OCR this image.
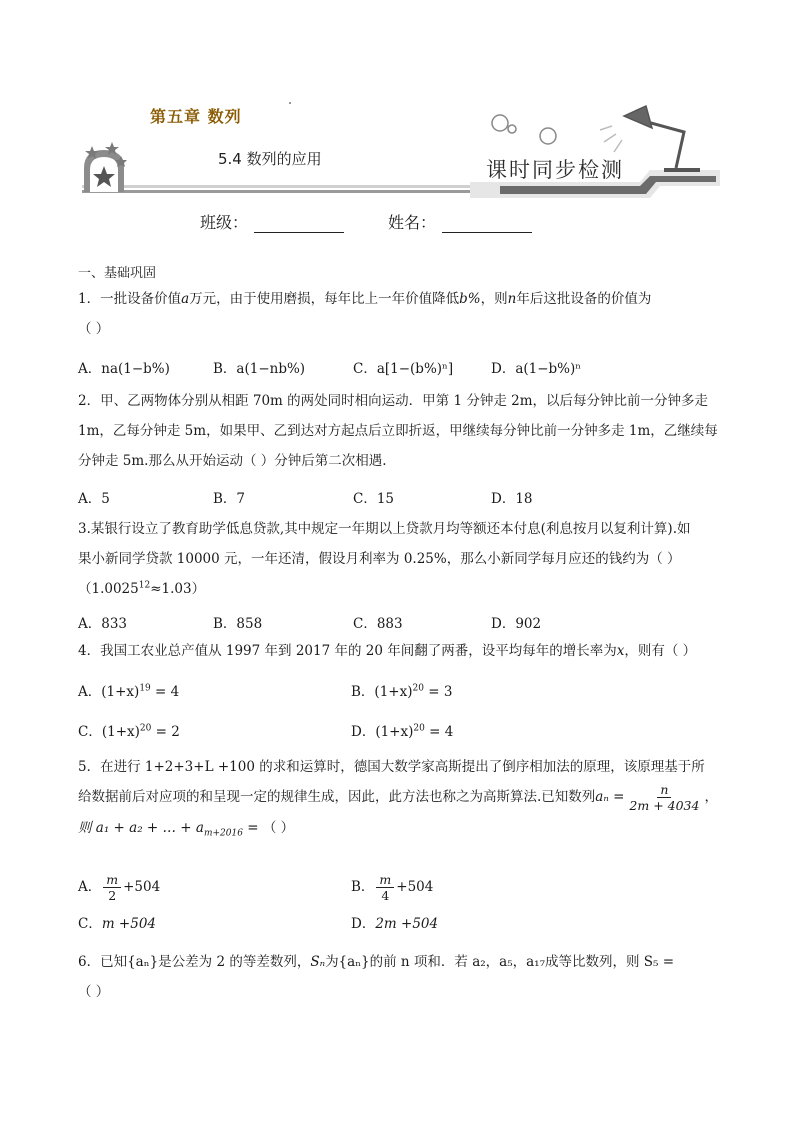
第五章 数列
5.4 数列的应用	课时同步检测
班级：	姓名：
一、基础巩固
1．一批设备价值a万元，由于使用磨损，每年比上一年价值降低b%，则n年后这批设备的价值为
（ ）
A．na(1−b%)	B．a(1−nb%)	C．a[1−(b%)ⁿ]	D．a(1−b%)ⁿ
2．甲、乙两物体分别从相距 70m 的两处同时相向运动．甲第 1 分钟走 2m，以后每分钟比前一分钟多走
1m，乙每分钟走 5m，如果甲、乙到达对方起点后立即折返，甲继续每分钟比前一分钟多走 1m，乙继续每
分钟走 5m.那么从开始运动（ ）分钟后第二次相遇.
A．5	B．7	C．15	D．18
3.某银行设立了教育助学低息贷款,其中规定一年期以上贷款月均等额还本付息(利息按月以复利计算).如
果小新同学贷款 10000 元，一年还清，假设月利率为 0.25%，那么小新同学每月应还的钱约为（ ）
$(1.0025^{12}\approx 1.03)$
A．833	B．858	C．883	D．902
4．我国工农业总产值从 1997 年到 2017 年的 20 年间翻了两番，设平均每年的增长率为x，则有（ ）
A．$(1+x)^{19} = 4$	B．$(1+x)^{20} = 3$
C．$(1+x)^{20} = 2$	D．$(1+x)^{20} = 4$
5．在进行 1+2+3+L +100 的求和运算时，德国大数学家高斯提出了倒序相加法的原理，该原理基于所
给数据前后对应项的和呈现一定的规律生成，因此，此方法也称之为高斯算法.已知数列$a_n = \frac{n}{2m + 4034}$ ，
则 a₁ + a₂ + … + $a_{m+2016}$ = （ ）
A． $\frac{m}{2} +504$	B． $\frac{m}{4} +504$
C．m +504	D．2m +504
6．已知{aₙ}是公差为 2 的等差数列，Sₙ为{aₙ}的前 n 项和．若 a₂，a₅，a₁₇成等比数列，则 S₅ =
（ ）
